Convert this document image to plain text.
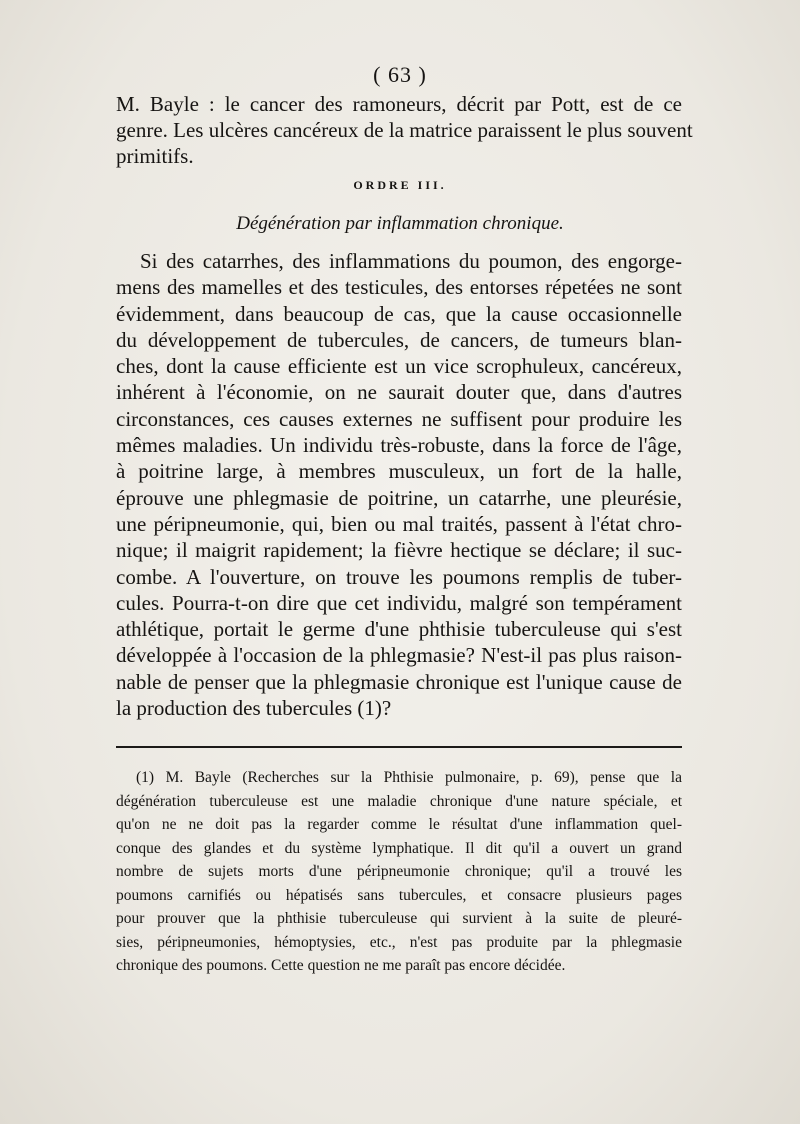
( 63 )
M. Bayle : le cancer des ramoneurs, décrit par Pott, est de ce
genre. Les ulcères cancéreux de la matrice paraissent le plus souvent
primitifs.
ORDRE III.
Dégénération par inflammation chronique.
Si des catarrhes, des inflammations du poumon, des engorge-
mens des mamelles et des testicules, des entorses répetées ne sont
évidemment, dans beaucoup de cas, que la cause occasionnelle
du développement de tubercules, de cancers, de tumeurs blan-
ches, dont la cause efficiente est un vice scrophuleux, cancéreux,
inhérent à l'économie, on ne saurait douter que, dans d'autres
circonstances, ces causes externes ne suffisent pour produire les
mêmes maladies. Un individu très-robuste, dans la force de l'âge,
à poitrine large, à membres musculeux, un fort de la halle,
éprouve une phlegmasie de poitrine, un catarrhe, une pleurésie,
une péripneumonie, qui, bien ou mal traités, passent à l'état chro-
nique; il maigrit rapidement; la fièvre hectique se déclare; il suc-
combe. A l'ouverture, on trouve les poumons remplis de tuber-
cules. Pourra-t-on dire que cet individu, malgré son tempérament
athlétique, portait le germe d'une phthisie tuberculeuse qui s'est
développée à l'occasion de la phlegmasie? N'est-il pas plus raison-
nable de penser que la phlegmasie chronique est l'unique cause de
la production des tubercules (1)?
(1) M. Bayle (Recherches sur la Phthisie pulmonaire, p. 69), pense que la
dégénération tuberculeuse est une maladie chronique d'une nature spéciale, et
qu'on ne ne doit pas la regarder comme le résultat d'une inflammation quel-
conque des glandes et du système lymphatique. Il dit qu'il a ouvert un grand
nombre de sujets morts d'une péripneumonie chronique; qu'il a trouvé les
poumons carnifiés ou hépatisés sans tubercules, et consacre plusieurs pages
pour prouver que la phthisie tuberculeuse qui survient à la suite de pleuré-
sies, péripneumonies, hémoptysies, etc., n'est pas produite par la phlegmasie
chronique des poumons. Cette question ne me paraît pas encore décidée.
